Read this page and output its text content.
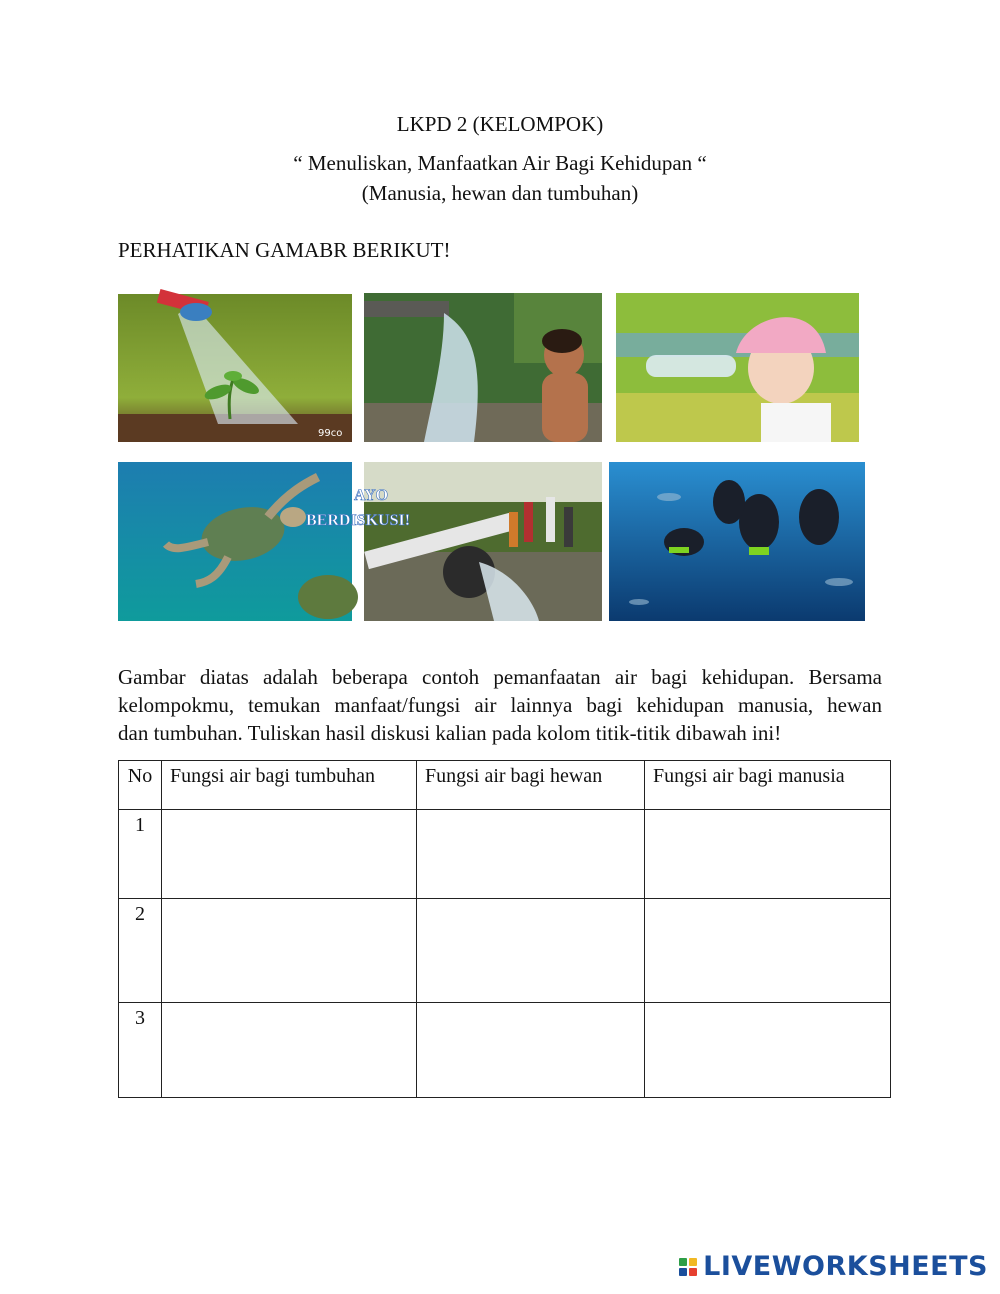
LKPD 2 (KELOMPOK)
“ Menuliskan, Manfaatkan Air Bagi Kehidupan “
(Manusia, hewan dan tumbuhan)
PERHATIKAN GAMABR BERIKUT!
99co
AYO
BERDISKUSI!
Gambar diatas adalah beberapa contoh pemanfaatan air bagi kehidupan. Bersama kelompokmu, temukan manfaat/fungsi air lainnya bagi kehidupan manusia, hewan
dan tumbuhan. Tuliskan hasil diskusi kalian pada kolom titik-titik dibawah ini!
No	Fungsi air bagi tumbuhan	Fungsi air bagi hewan	Fungsi air bagi manusia
1			
2			
3			
LIVEWORKSHEETS
